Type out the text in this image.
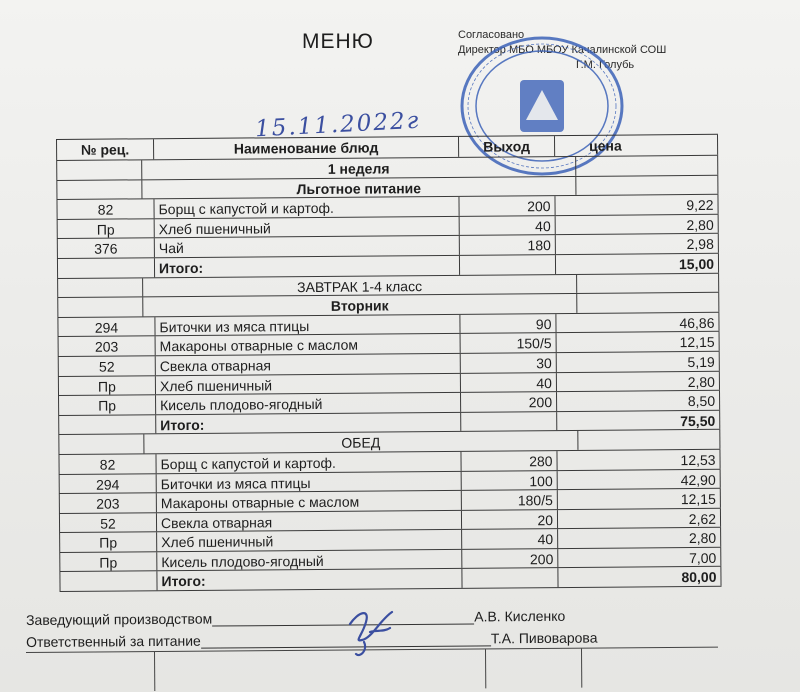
МЕНЮ	Согласовано
Директор МБО МБОУ Качалинской СОШ
Г.М. Голубь
15.11.2022г
№ рец.	Наименование блюд	Выход	цена
1 неделя
Льготное питание
82	Борщ с капустой и картоф.	200	9,22
Пр	Хлеб пшеничный	40	2,80
376	Чай	180	2,98
Итого:	15,00
ЗАВТРАК 1-4 класс
Вторник
294	Биточки из мяса птицы	90	46,86
203	Макароны отварные с маслом	150/5	12,15
52	Свекла отварная	30	5,19
Пр	Хлеб пшеничный	40	2,80
Пр	Кисель плодово-ягодный	200	8,50
Итого:	75,50
ОБЕД
82	Борщ с капустой и картоф.	280	12,53
294	Биточки из мяса птицы	100	42,90
203	Макароны отварные с маслом	180/5	12,15
52	Свекла отварная	20	2,62
Пр	Хлеб пшеничный	40	2,80
Пр	Кисель плодово-ягодный	200	7,00
Итого:	80,00
Заведующий производством	А.В. Кисленко
Ответственный за питание	Т.А. Пивоварова
